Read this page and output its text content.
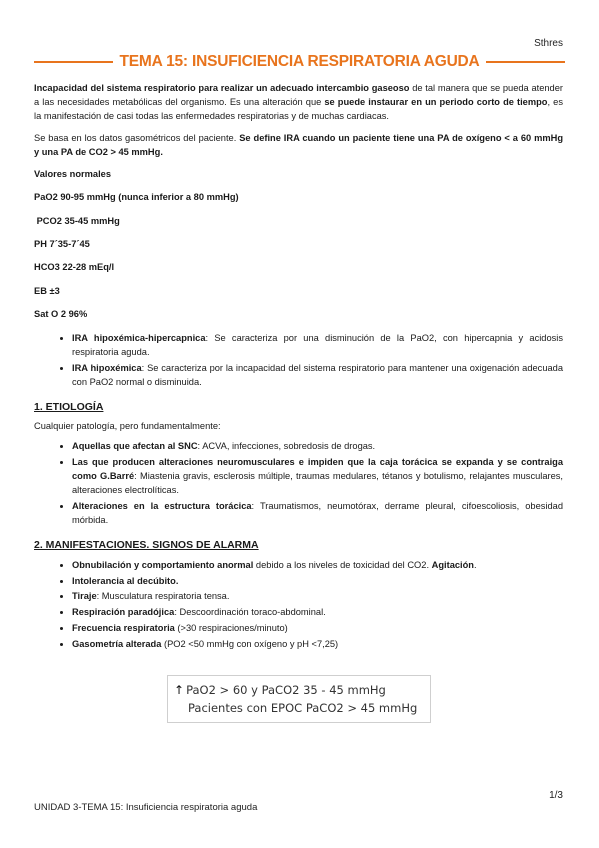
Sthres
TEMA 15: INSUFICIENCIA RESPIRATORIA AGUDA

Incapacidad del sistema respiratorio para realizar un adecuado intercambio gaseoso de tal manera que se pueda atender a las necesidades metabólicas del organismo. Es una alteración que se puede instaurar en un periodo corto de tiempo, es la manifestación de casi todas las enfermedades respiratorias y de muchas cardiacas.

Se basa en los datos gasométricos del paciente. Se define IRA cuando un paciente tiene una PA de oxígeno < a 60 mmHg y una PA de CO2 > 45 mmHg.

Valores normales

PaO2 90-95 mmHg (nunca inferior a 80 mmHg)

PCO2 35-45 mmHg

PH 7´35-7´45

HCO3 22-28 mEq/l

EB ±3

Sat O 2 96%

• IRA hipoxémica-hipercapnica: Se caracteriza por una disminución de la PaO2, con hipercapnia y acidosis respiratoria aguda.
• IRA hipoxémica: Se caracteriza por la incapacidad del sistema respiratorio para mantener una oxigenación adecuada con PaO2 normal o disminuida.
1. ETIOLOGÍA

Cualquier patología, pero fundamentalmente:

• Aquellas que afectan al SNC: ACVA, infecciones, sobredosis de drogas.
• Las que producen alteraciones neuromusculares e impiden que la caja torácica se expanda y se contraiga como G.Barré: Miastenia gravis, esclerosis múltiple, traumas medulares, tétanos y botulismo, relajantes musculares, alteraciones electrolíticas.
• Alteraciones en la estructura torácica: Traumatismos, neumotórax, derrame pleural, cifoescoliosis, obesidad mórbida.
2. MANIFESTACIONES. SIGNOS DE ALARMA
• Obnubilación y comportamiento anormal debido a los niveles de toxicidad del CO2. Agitación.
• Intolerancia al decúbito.
• Tiraje: Musculatura respiratoria tensa.
• Respiración paradójica: Descoordinación toraco-abdominal.
• Frecuencia respiratoria (>30 respiraciones/minuto)
• Gasometría alterada (PO2 <50 mmHg con oxígeno y pH <7,25)
↑ PaO2 > 60 y PaCO2 35 - 45 mmHg
Pacientes con EPOC PaCO2 > 45 mmHg
1/3
UNIDAD 3-TEMA 15: Insuficiencia respiratoria aguda
